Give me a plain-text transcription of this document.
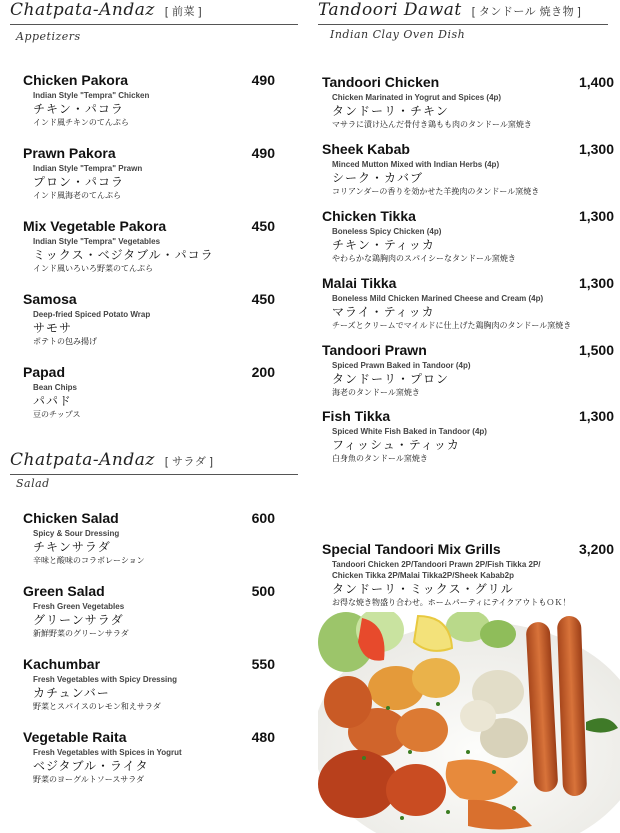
Chatpata-Andaz [ 前菜 ]
Appetizers
Chicken Pakora	490
Indian Style "Tempra" Chicken
チキン・パコラ
インド風チキンのてんぷら
Prawn Pakora	490
Indian Style "Tempra" Prawn
プロン・パコラ
インド風海老のてんぷら
Mix Vegetable Pakora	450
Indian Style "Tempra" Vegetables
ミックス・ベジタブル・パコラ
インド風いろいろ野菜のてんぷら
Samosa	450
Deep-fried Spiced Potato Wrap
サモサ
ポテトの包み揚げ
Papad	200
Bean Chips
パパド
豆のチップス
Chatpata-Andaz [ サラダ ]
Salad
Chicken Salad	600
Spicy & Sour Dressing
チキンサラダ
辛味と酸味のコラボレーション
Green Salad	500
Fresh Green Vegetables
グリーンサラダ
新鮮野菜のグリーンサラダ
Kachumbar	550
Fresh Vegetables with Spicy Dressing
カチュンバー
野菜とスパイスのレモン和えサラダ
Vegetable Raita	480
Fresh Vegetables with Spices in Yogrut
ベジタブル・ライタ
野菜のヨーグルトソースサラダ
Tandoori Dawat [ タンドール 焼き物 ]
Indian Clay Oven Dish
Tandoori Chicken	1,400
Chicken Marinated in Yogrut and Spices (4p)
タンドーリ・チキン
マサラに漬け込んだ骨付き鶏もも肉のタンドール窯焼き
Sheek Kabab	1,300
Minced Mutton Mixed with Indian Herbs (4p)
シーク・カバブ
コリアンダーの香りを効かせた羊挽肉のタンドール窯焼き
Chicken Tikka	1,300
Boneless Spicy Chicken (4p)
チキン・ティッカ
やわらかな鶏胸肉のスパイシーなタンドール窯焼き
Malai Tikka	1,300
Boneless Mild Chicken Marined Cheese and Cream (4p)
マライ・ティッカ
チーズとクリームでマイルドに仕上げた鶏胸肉のタンドール窯焼き
Tandoori Prawn	1,500
Spiced Prawn Baked in Tandoor (4p)
タンドーリ・プロン
海老のタンドール窯焼き
Fish Tikka	1,300
Spiced White Fish Baked in Tandoor (4p)
フィッシュ・ティッカ
白身魚のタンドール窯焼き
Special Tandoori Mix Grills	3,200
Tandoori Chicken 2P/Tandoori Prawn 2P/Fish Tikka 2P/
Chicken Tikka 2P/Malai Tikka2P/Sheek Kabab2p
タンドーリ・ミックス・グリル
お得な焼き物盛り合わせ。ホームパーティにテイクアウトもＯＫ！
